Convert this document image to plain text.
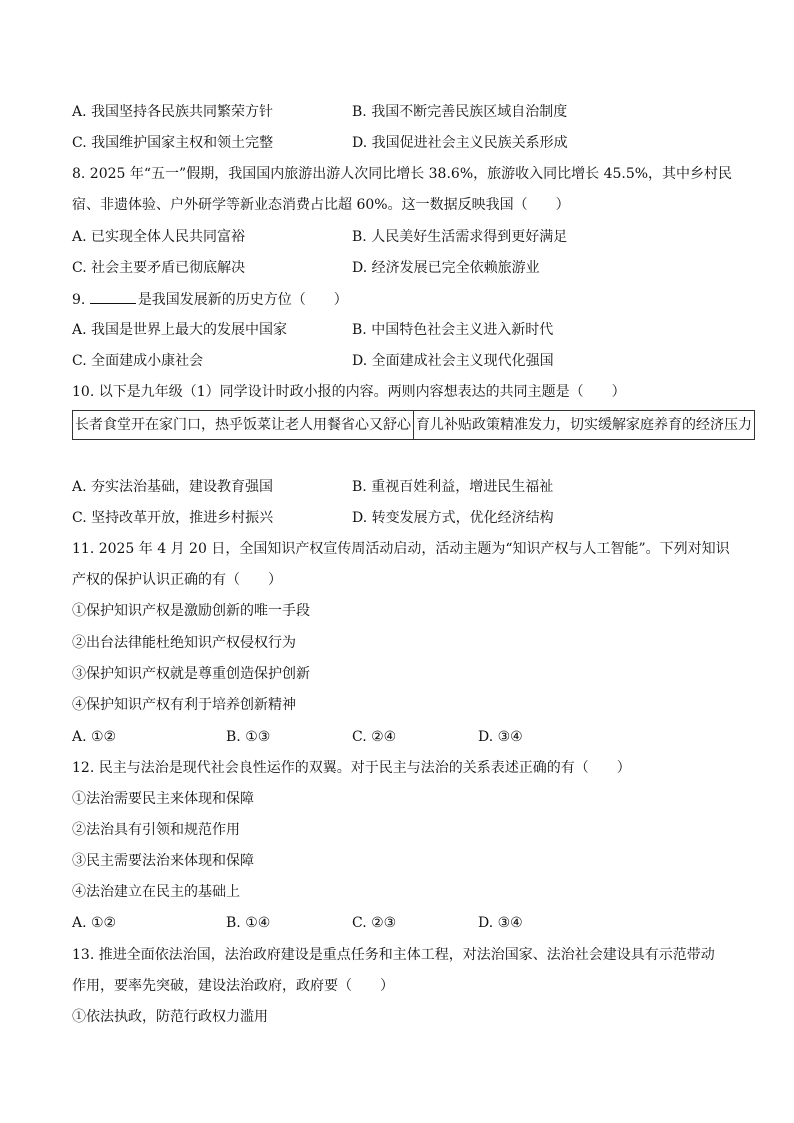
A. 我国坚持各民族共同繁荣方针	B. 我国不断完善民族区域自治制度
C. 我国维护国家主权和领土完整	D. 我国促进社会主义民族关系形成
8. 2025 年“五一”假期，我国国内旅游出游人次同比增长 38.6%，旅游收入同比增长 45.5%，其中乡村民
宿、非遗体验、户外研学等新业态消费占比超 60%。这一数据反映我国（　　）
A. 已实现全体人民共同富裕	B. 人民美好生活需求得到更好满足
C. 社会主要矛盾已彻底解决	D. 经济发展已完全依赖旅游业
9.	是我国发展新的历史方位（　　）
A. 我国是世界上最大的发展中国家	B. 中国特色社会主义进入新时代
C. 全面建成小康社会	D. 全面建成社会主义现代化强国
10. 以下是九年级（1）同学设计时政小报的内容。两则内容想表达的共同主题是（　　）
长者食堂开在家门口，热乎饭菜让老人用餐省心又舒心	育儿补贴政策精准发力，切实缓解家庭养育的经济压力
A. 夯实法治基础，建设教育强国	B. 重视百姓利益，增进民生福祉
C. 坚持改革开放，推进乡村振兴	D. 转变发展方式，优化经济结构
11. 2025 年 4 月 20 日，全国知识产权宣传周活动启动，活动主题为“知识产权与人工智能”。下列对知识
产权的保护认识正确的有（　　）
①保护知识产权是激励创新的唯一手段
②出台法律能杜绝知识产权侵权行为
③保护知识产权就是尊重创造保护创新
④保护知识产权有利于培养创新精神
A. ①②	B. ①③	C. ②④	D. ③④
12. 民主与法治是现代社会良性运作的双翼。对于民主与法治的关系表述正确的有（　　）
①法治需要民主来体现和保障
②法治具有引领和规范作用
③民主需要法治来体现和保障
④法治建立在民主的基础上
A. ①②	B. ①④	C. ②③	D. ③④
13. 推进全面依法治国，法治政府建设是重点任务和主体工程，对法治国家、法治社会建设具有示范带动
作用，要率先突破，建设法治政府，政府要（　　）
①依法执政，防范行政权力滥用
